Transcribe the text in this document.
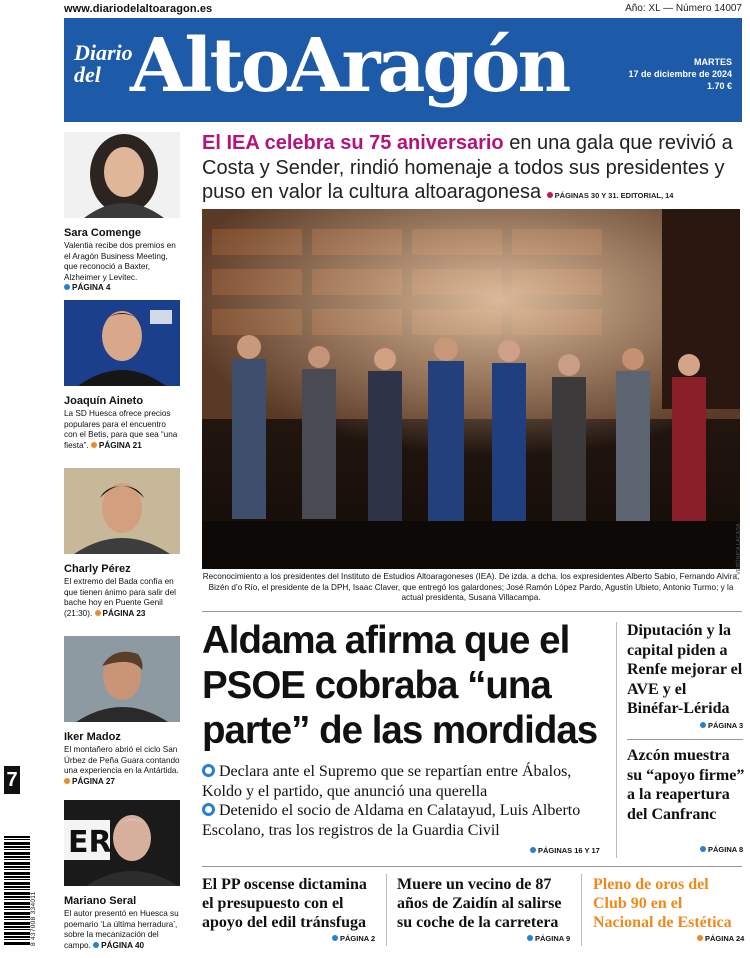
www.diariodelaltoaragon.es	Año: XL — Número 14007
Diario
del AltoAragón	MARTES
17 de diciembre de 2024
1.70 €
Sara Comenge
Valentia recibe dos premios en el Aragón Business Meeting, que reconoció a Baxter, Alzheimer y Levitec. PÁGINA 4
Joaquín Aineto
La SD Huesca ofrece precios populares para el encuentro con el Betis, para que sea “una fiesta”. PÁGINA 21
Charly Pérez
El extremo del Bada confía en que tienen ánimo para salir del bache hoy en Puente Genil (21:30). PÁGINA 23
Iker Madoz
El montañero abrió el ciclo San Úrbez de Peña Guara contando una experiencia en la Antártida. PÁGINA 27
ER
Mariano Seral
El autor presentó en Huesca su poemario ‘La última herradura’, sobre la mecanización del campo. PÁGINA 40
7
8 437008 334011
El IEA celebra su 75 aniversario en una gala que revivió a Costa y Sender, rindió homenaje a todos sus presidentes y puso en valor la cultura altoaragonesa PÁGINAS 30 Y 31. EDITORIAL, 14
VERÓNICA LACASA
Reconocimiento a los presidentes del Instituto de Estudios Altoaragoneses (IEA). De izda. a dcha. los expresidentes Alberto Sabio, Fernando Alvira, Bizén d’o Río, el presidente de la DPH, Isaac Claver, que entregó los galardones; José Ramón López Pardo, Agustín Ubieto, Antonio Turmo; y la actual presidenta, Susana Villacampa.
Aldama afirma que el PSOE cobraba “una parte” de las mordidas
Declara ante el Supremo que se repartían entre Ábalos, Koldo y el partido, que anunció una querella
Detenido el socio de Aldama en Calatayud, Luis Alberto Escolano, tras los registros de la Guardia Civil
PÁGINAS 16 Y 17
Diputación y la capital piden a Renfe mejorar el AVE y el Binéfar-Lérida
PÁGINA 3
Azcón muestra su “apoyo firme” a la reapertura del Canfranc
PÁGINA 8
El PP oscense dictamina el presupuesto con el apoyo del edil tránsfuga
PÁGINA 2
Muere un vecino de 87 años de Zaidín al salirse su coche de la carretera
PÁGINA 9
Pleno de oros del Club 90 en el Nacional de Estética
PÁGINA 24
